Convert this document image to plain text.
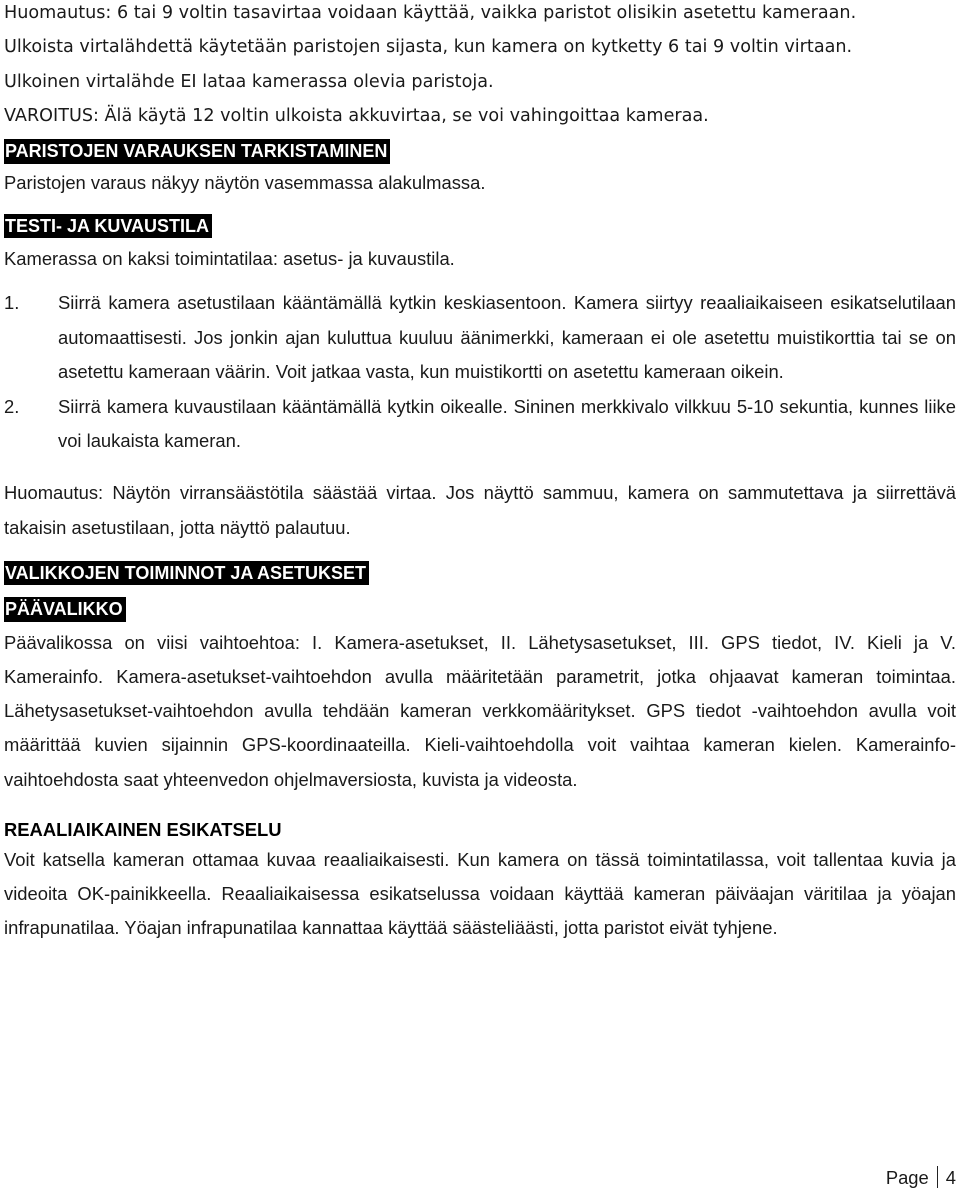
Huomautus: 6 tai 9 voltin tasavirtaa voidaan käyttää, vaikka paristot olisikin asetettu kameraan.
Ulkoista virtalähdettä käytetään paristojen sijasta, kun kamera on kytketty 6 tai 9 voltin virtaan.
Ulkoinen virtalähde EI lataa kamerassa olevia paristoja.
VAROITUS: Älä käytä 12 voltin ulkoista akkuvirtaa, se voi vahingoittaa kameraa.
PARISTOJEN VARAUKSEN TARKISTAMINEN
Paristojen varaus näkyy näytön vasemmassa alakulmassa.
TESTI- JA KUVAUSTILA
Kamerassa on kaksi toimintatilaa: asetus- ja kuvaustila.
1. Siirrä kamera asetustilaan kääntämällä kytkin keskiasentoon. Kamera siirtyy reaaliaikaiseen esikatselutilaan automaattisesti. Jos jonkin ajan kuluttua kuuluu äänimerkki, kameraan ei ole asetettu muistikorttia tai se on asetettu kameraan väärin. Voit jatkaa vasta, kun muistikortti on asetettu kameraan oikein.
2. Siirrä kamera kuvaustilaan kääntämällä kytkin oikealle. Sininen merkkivalo vilkkuu 5-10 sekuntia, kunnes liike voi laukaista kameran.
Huomautus: Näytön virransäästötila säästää virtaa. Jos näyttö sammuu, kamera on sammutettava ja siirrettävä takaisin asetustilaan, jotta näyttö palautuu.
VALIKKOJEN TOIMINNOT JA ASETUKSET
PÄÄVALIKKO
Päävalikossa on viisi vaihtoehtoa: I. Kamera-asetukset, II. Lähetysasetukset, III. GPS tiedot, IV. Kieli ja V. Kamerainfo. Kamera-asetukset-vaihtoehdon avulla määritetään parametrit, jotka ohjaavat kameran toimintaa. Lähetysasetukset-vaihtoehdon avulla tehdään kameran verkkomääritykset. GPS tiedot -vaihtoehdon avulla voit määrittää kuvien sijainnin GPS-koordinaateilla. Kieli-vaihtoehdolla voit vaihtaa kameran kielen. Kamerainfo-vaihtoehdosta saat yhteenvedon ohjelmaversiosta, kuvista ja videosta.
REAALIAIKAINEN ESIKATSELU
Voit katsella kameran ottamaa kuvaa reaaliaikaisesti. Kun kamera on tässä toimintatilassa, voit tallentaa kuvia ja videoita OK-painikkeella. Reaaliaikaisessa esikatselussa voidaan käyttää kameran päiväajan väritilaa ja yöajan infrapunatilaa. Yöajan infrapunatilaa kannattaa käyttää säästeliäästi, jotta paristot eivät tyhjene.
Page 4
